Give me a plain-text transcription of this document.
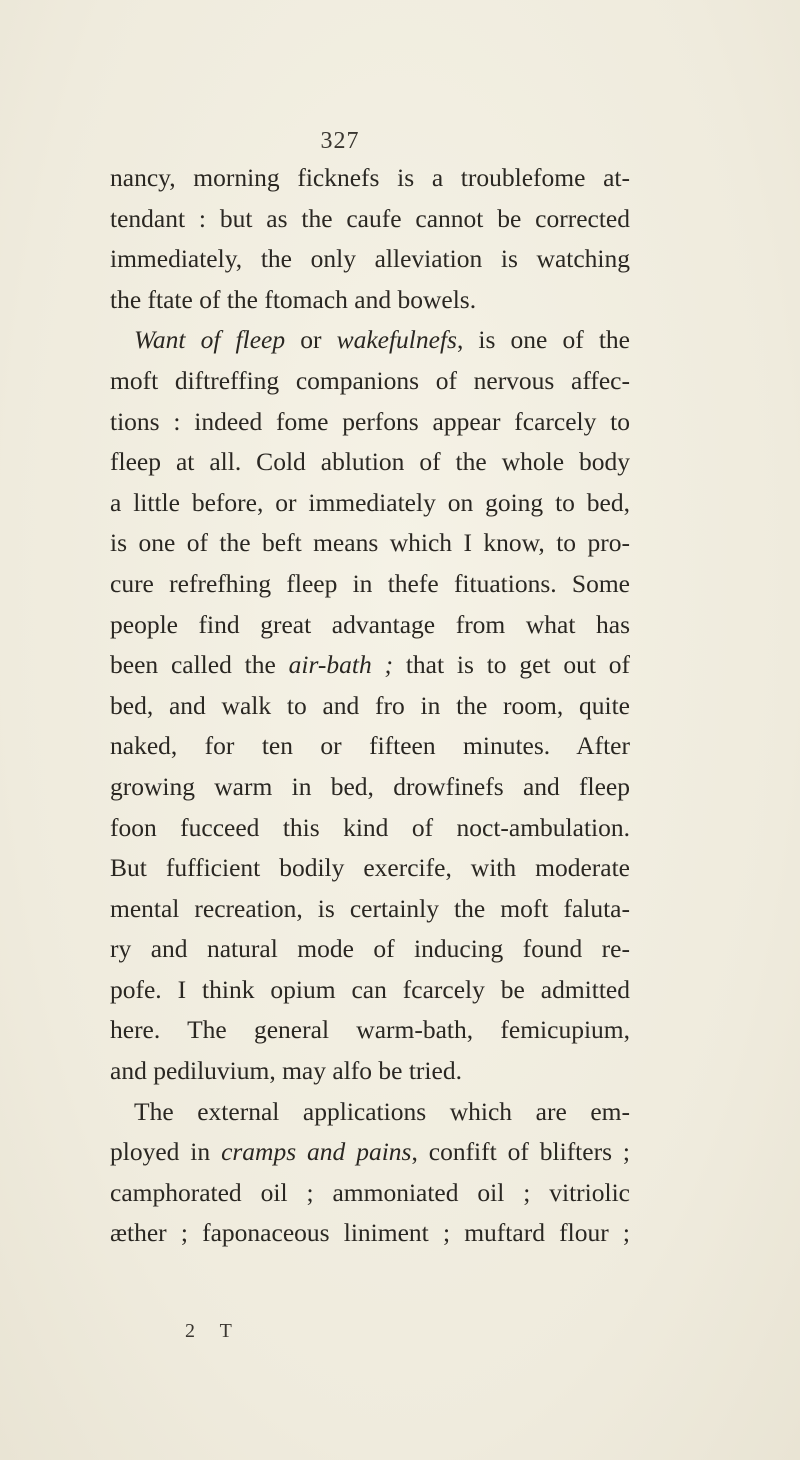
327
nancy, morning ficknefs is a troublefome at-
tendant : but as the caufe cannot be corrected
immediately, the only alleviation is watching
the ftate of the ftomach and bowels.
Want of fleep or wakefulnefs, is one of the
moft diftreffing companions of nervous affec-
tions : indeed fome perfons appear fcarcely to
fleep at all. Cold ablution of the whole body
a little before, or immediately on going to bed,
is one of the beft means which I know, to pro-
cure refrefhing fleep in thefe fituations. Some
people find great advantage from what has
been called the air-bath ; that is to get out of
bed, and walk to and fro in the room, quite
naked, for ten or fifteen minutes. After
growing warm in bed, drowfinefs and fleep
foon fucceed this kind of noct-ambulation.
But fufficient bodily exercife, with moderate
mental recreation, is certainly the moft faluta-
ry and natural mode of inducing found re-
pofe. I think opium can fcarcely be admitted
here. The general warm-bath, femicupium,
and pediluvium, may alfo be tried.
The external applications which are em-
ployed in cramps and pains, confift of blifters ;
camphorated oil ; ammoniated oil ; vitriolic
æther ; faponaceous liniment ; muftard flour ;
2 T
